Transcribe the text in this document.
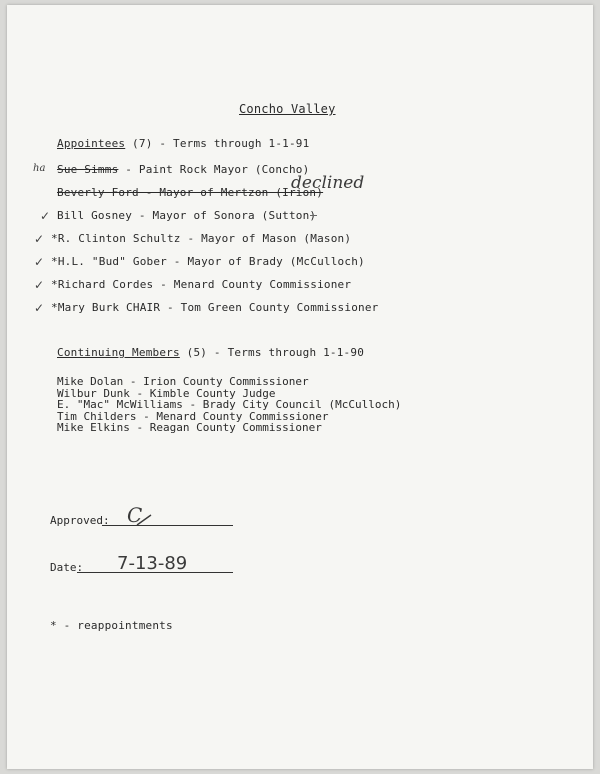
Concho Valley
Appointees (7) - Terms through 1-1-91
ha Sue Simms - Paint Rock Mayor (Concho)
Beverly Ford - Mayor of Mertzon (Irion)
declined
✓ Bill Gosney - Mayor of Sonora (Sutton)
✓ *R. Clinton Schultz - Mayor of Mason (Mason)
✓ *H.L. "Bud" Gober - Mayor of Brady (McCulloch)
✓ *Richard Cordes - Menard County Commissioner
✓ *Mary Burk CHAIR - Tom Green County Commissioner
Continuing Members (5) - Terms through 1-1-90
Mike Dolan - Irion County Commissioner
Wilbur Dunk - Kimble County Judge
E. "Mac" McWilliams - Brady City Council (McCulloch)
Tim Childers - Menard County Commissioner
Mike Elkins - Reagan County Commissioner
Approved: C
Date: 7-13-89
* - reappointments
